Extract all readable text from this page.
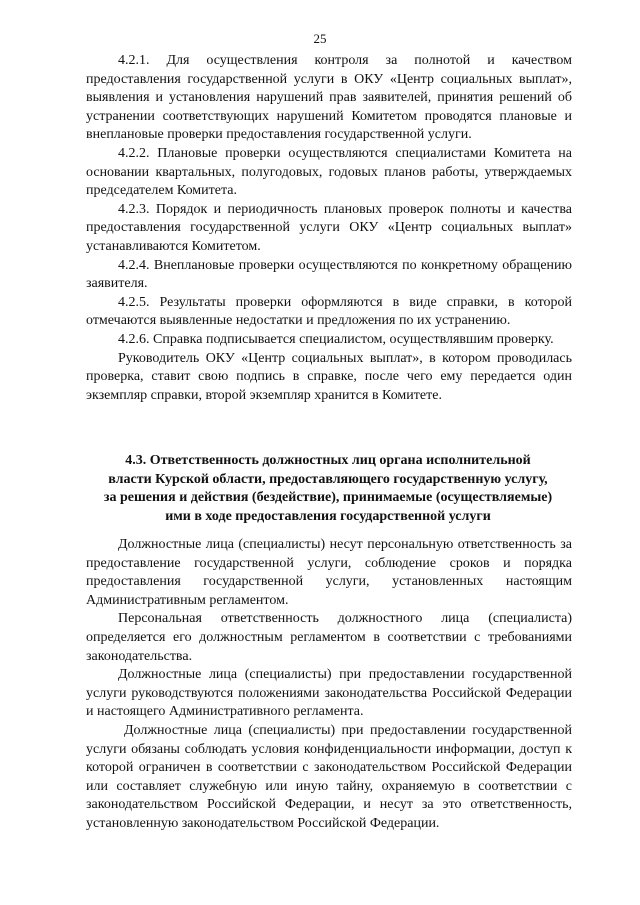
25

4.2.1. Для осуществления контроля за полнотой и качеством предоставления государственной услуги в ОКУ «Центр социальных выплат», выявления и установления нарушений прав заявителей, принятия решений об устранении соответствующих нарушений Комитетом проводятся плановые и внеплановые проверки предоставления государственной услуги.

4.2.2. Плановые проверки осуществляются специалистами Комитета на основании квартальных, полугодовых, годовых планов работы, утверждаемых председателем Комитета.

4.2.3. Порядок и периодичность плановых проверок полноты и качества предоставления государственной услуги ОКУ «Центр социальных выплат» устанавливаются Комитетом.

4.2.4. Внеплановые проверки осуществляются по конкретному обращению заявителя.

4.2.5. Результаты проверки оформляются в виде справки, в которой отмечаются выявленные недостатки и предложения по их устранению.

4.2.6. Справка подписывается специалистом, осуществлявшим проверку.

Руководитель ОКУ «Центр социальных выплат», в котором проводилась проверка, ставит свою подпись в справке, после чего ему передается один экземпляр справки, второй экземпляр хранится в Комитете.

4.3. Ответственность должностных лиц органа исполнительной
власти Курской области, предоставляющего государственную услугу,
за решения и действия (бездействие), принимаемые (осуществляемые)
ими в ходе предоставления государственной услуги

Должностные лица (специалисты) несут персональную ответственность за предоставление государственной услуги, соблюдение сроков и порядка предоставления государственной услуги, установленных настоящим Административным регламентом.

Персональная ответственность должностного лица (специалиста) определяется его должностным регламентом в соответствии с требованиями законодательства.

Должностные лица (специалисты) при предоставлении государственной услуги руководствуются положениями законодательства Российской Федерации и настоящего Административного регламента.

Должностные лица (специалисты) при предоставлении государственной услуги обязаны соблюдать условия конфиденциальности информации, доступ к которой ограничен в соответствии с законодательством Российской Федерации или составляет служебную или иную тайну, охраняемую в соответствии с законодательством Российской Федерации, и несут за это ответственность, установленную законодательством Российской Федерации.
